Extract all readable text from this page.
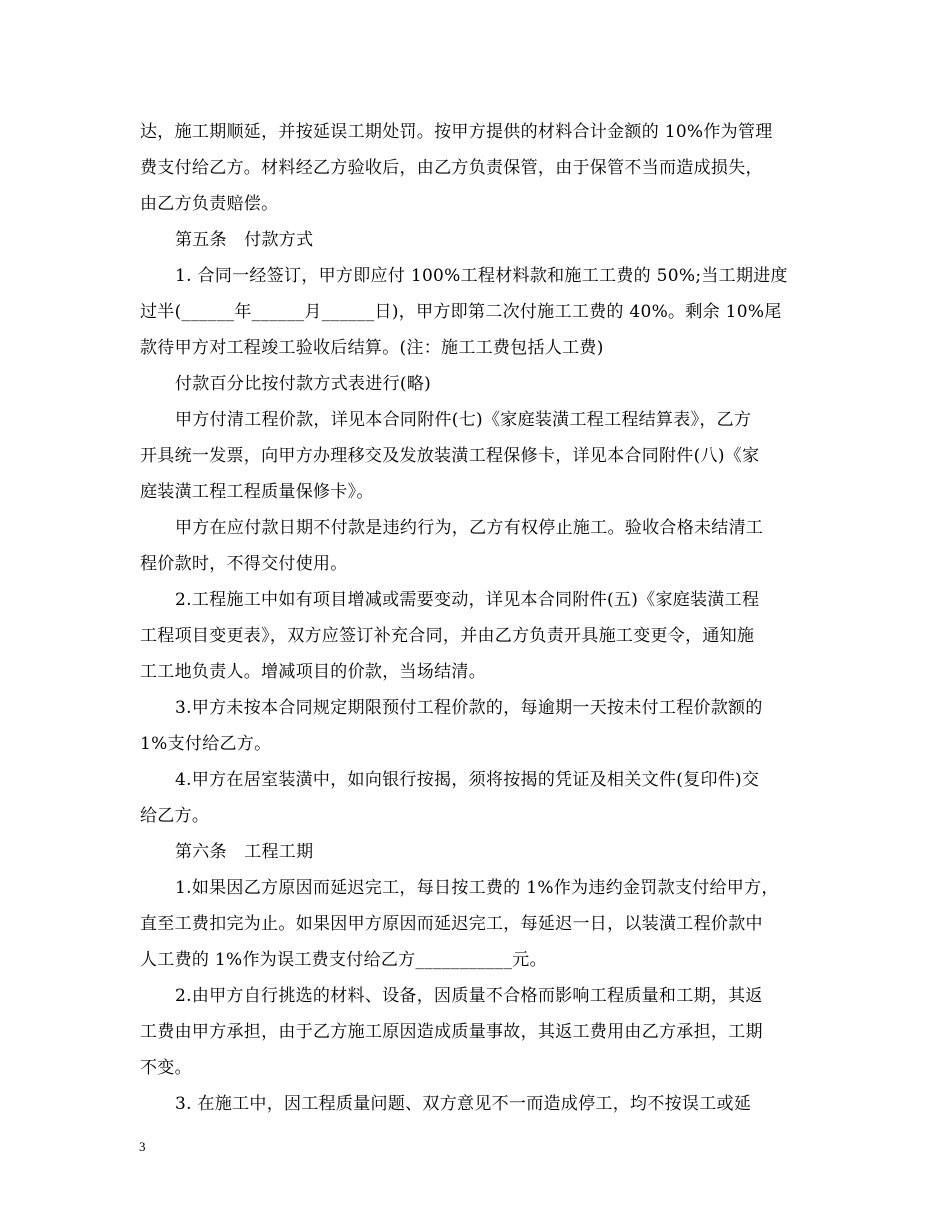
达，施工期顺延，并按延误工期处罚。按甲方提供的材料合计金额的 10%作为管理
费支付给乙方。材料经乙方验收后，由乙方负责保管，由于保管不当而造成损失，
由乙方负责赔偿。
第五条　付款方式
1. 合同一经签订，甲方即应付 100%工程材料款和施工工费的 50%;当工期进度
过半(______年______月______日)，甲方即第二次付施工工费的 40%。剩余 10%尾
款待甲方对工程竣工验收后结算。(注：施工工费包括人工费)
付款百分比按付款方式表进行(略)
甲方付清工程价款，详见本合同附件(七)《家庭装潢工程工程结算表》，乙方
开具统一发票，向甲方办理移交及发放装潢工程保修卡，详见本合同附件(八)《家
庭装潢工程工程质量保修卡》。
甲方在应付款日期不付款是违约行为，乙方有权停止施工。验收合格未结清工
程价款时，不得交付使用。
2.工程施工中如有项目增减或需要变动，详见本合同附件(五)《家庭装潢工程
工程项目变更表》，双方应签订补充合同，并由乙方负责开具施工变更令，通知施
工工地负责人。增减项目的价款，当场结清。
3.甲方未按本合同规定期限预付工程价款的，每逾期一天按未付工程价款额的
1%支付给乙方。
4.甲方在居室装潢中，如向银行按揭，须将按揭的凭证及相关文件(复印件)交
给乙方。
第六条　工程工期
1.如果因乙方原因而延迟完工，每日按工费的 1%作为违约金罚款支付给甲方，
直至工费扣完为止。如果因甲方原因而延迟完工，每延迟一日，以装潢工程价款中
人工费的 1%作为误工费支付给乙方___________元。
2.由甲方自行挑选的材料、设备，因质量不合格而影响工程质量和工期，其返
工费由甲方承担，由于乙方施工原因造成质量事故，其返工费用由乙方承担，工期
不变。
3. 在施工中，因工程质量问题、双方意见不一而造成停工，均不按误工或延
3
